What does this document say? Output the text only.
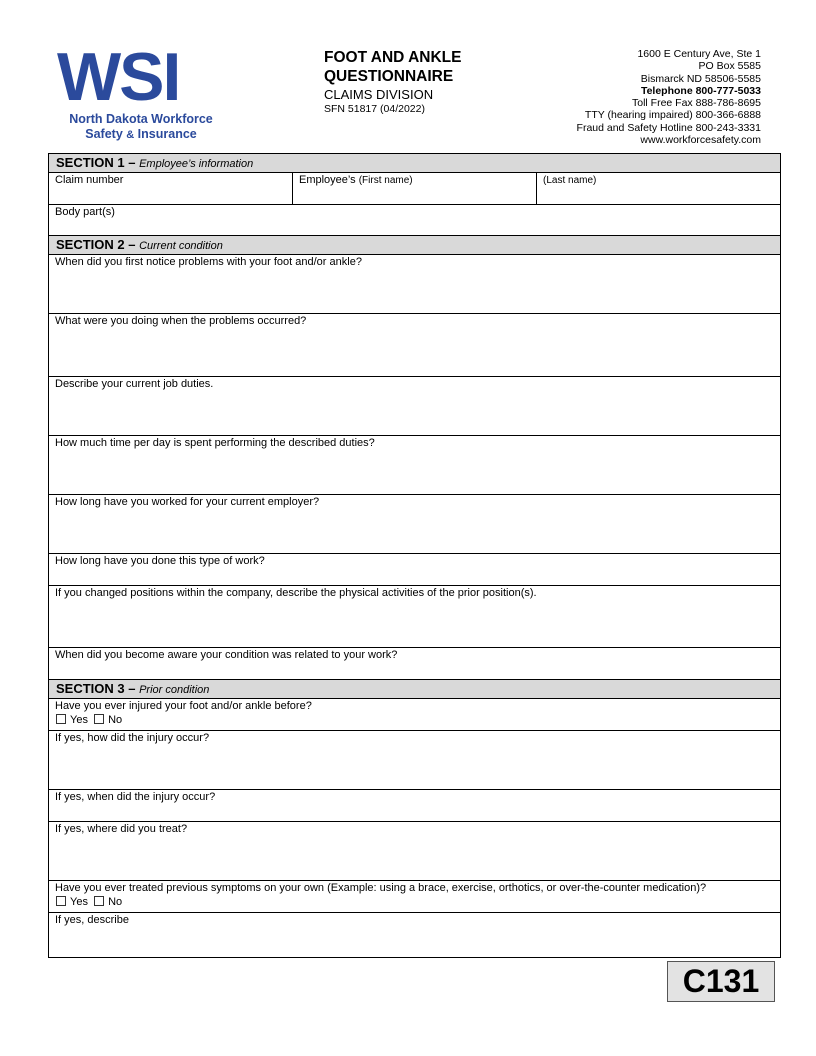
WSI
North Dakota Workforce
Safety & Insurance
FOOT AND ANKLE
QUESTIONNAIRE
CLAIMS DIVISION
SFN 51817 (04/2022)
1600 E Century Ave, Ste 1
PO Box 5585
Bismarck ND 58506-5585
Telephone 800-777-5033
Toll Free Fax 888-786-8695
TTY (hearing impaired) 800-366-6888
Fraud and Safety Hotline 800-243-3331
www.workforcesafety.com
SECTION 1 – Employee’s information
Claim number	Employee’s (First name)	(Last name)
Body part(s)
SECTION 2 – Current condition
When did you first notice problems with your foot and/or ankle?
What were you doing when the problems occurred?
Describe your current job duties.
How much time per day is spent performing the described duties?
How long have you worked for your current employer?
How long have you done this type of work?
If you changed positions within the company, describe the physical activities of the prior position(s).
When did you become aware your condition was related to your work?
SECTION 3 – Prior condition
Have you ever injured your foot and/or ankle before?
Yes No
If yes, how did the injury occur?
If yes, when did the injury occur?
If yes, where did you treat?
Have you ever treated previous symptoms on your own (Example: using a brace, exercise, orthotics, or over-the-counter medication)?
Yes No
If yes, describe
C131
